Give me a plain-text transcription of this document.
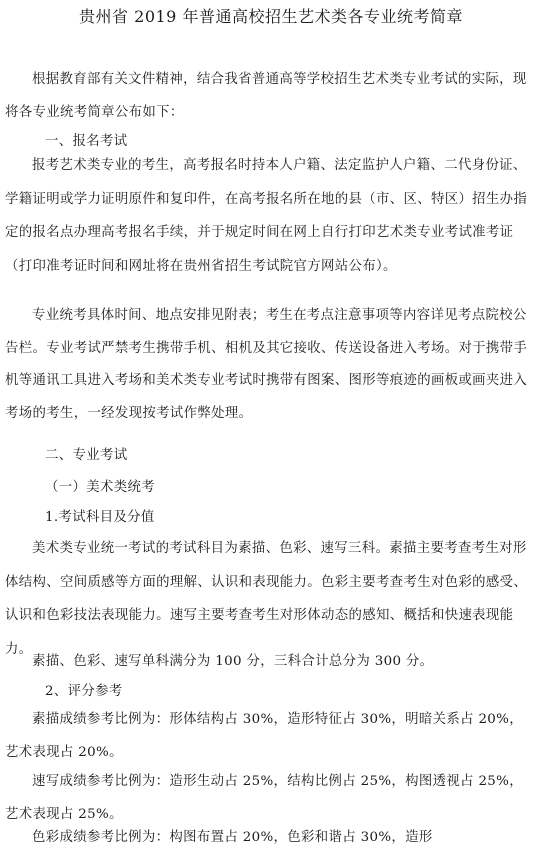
贵州省 2019 年普通高校招生艺术类各专业统考简章
根据教育部有关文件精神，结合我省普通高等学校招生艺术类专业考试的实际，现将各专业统考简章公布如下：
一、报名考试
报考艺术类专业的考生，高考报名时持本人户籍、法定监护人户籍、二代身份证、学籍证明或学力证明原件和复印件，在高考报名所在地的县（市、区、特区）招生办指定的报名点办理高考报名手续，并于规定时间在网上自行打印艺术类专业考试准考证（打印准考证时间和网址将在贵州省招生考试院官方网站公布）。
专业统考具体时间、地点安排见附表；考生在考点注意事项等内容详见考点院校公告栏。专业考试严禁考生携带手机、相机及其它接收、传送设备进入考场。对于携带手机等通讯工具进入考场和美术类专业考试时携带有图案、图形等痕迹的画板或画夹进入考场的考生，一经发现按考试作弊处理。
二、专业考试
（一）美术类统考
1.考试科目及分值
美术类专业统一考试的考试科目为素描、色彩、速写三科。素描主要考查考生对形体结构、空间质感等方面的理解、认识和表现能力。色彩主要考查考生对色彩的感受、认识和色彩技法表现能力。速写主要考查考生对形体动态的感知、概括和快速表现能力。
素描、色彩、速写单科满分为 100 分，三科合计总分为 300 分。
2、评分参考
素描成绩参考比例为：形体结构占 30%，造形特征占 30%，明暗关系占 20%，艺术表现占 20%。
速写成绩参考比例为：造形生动占 25%，结构比例占 25%，构图透视占 25%，艺术表现占 25%。
色彩成绩参考比例为：构图布置占 20%，色彩和谐占 30%，造形
